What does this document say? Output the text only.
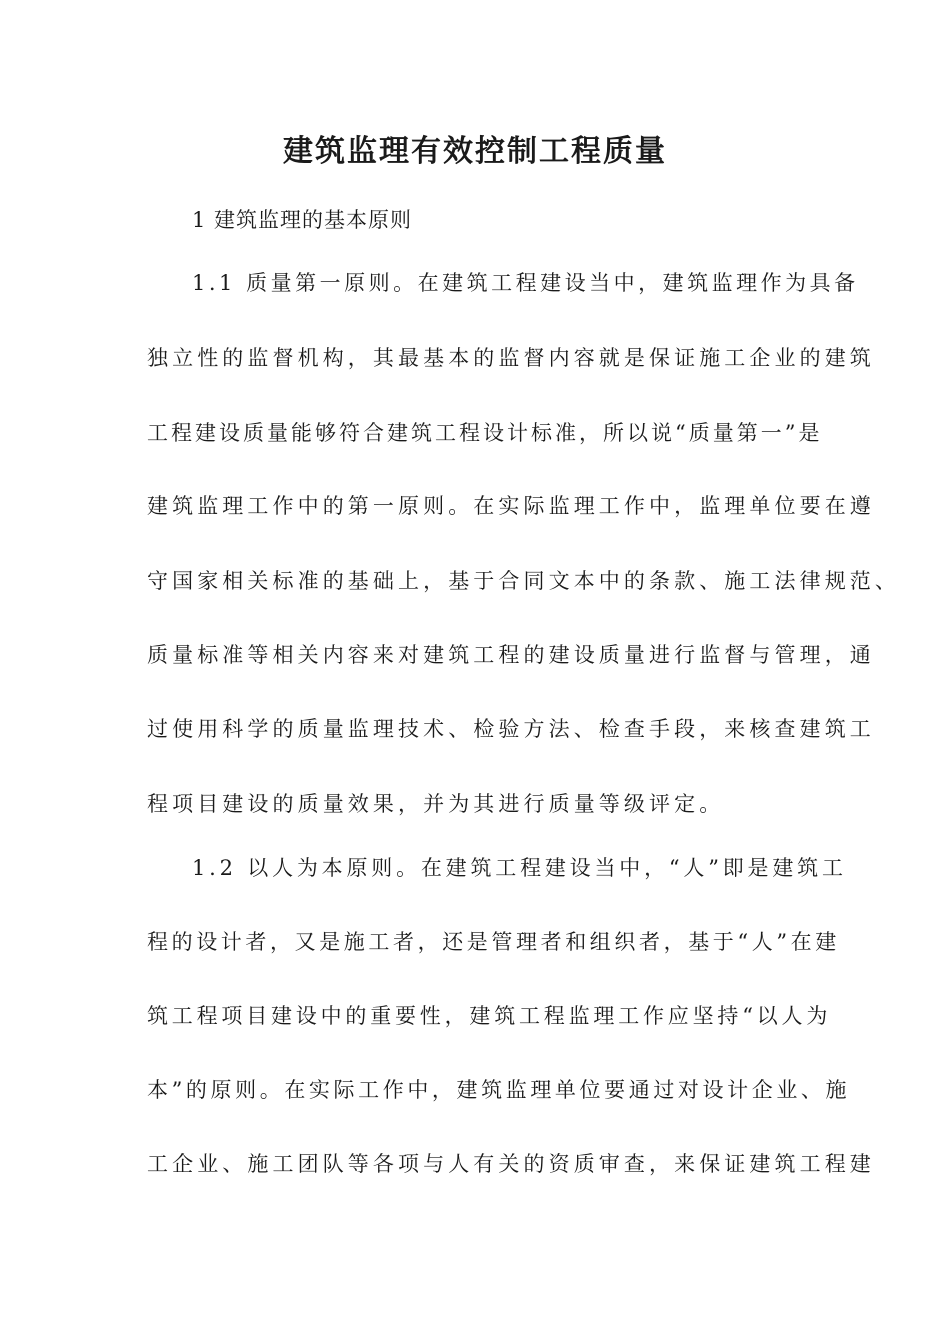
建筑监理有效控制工程质量

1 建筑监理的基本原则

1.1 质量第一原则。在建筑工程建设当中，建筑监理作为具备

独立性的监督机构，其最基本的监督内容就是保证施工企业的建筑

工程建设质量能够符合建筑工程设计标准，所以说“质量第一”是

建筑监理工作中的第一原则。在实际监理工作中，监理单位要在遵

守国家相关标准的基础上，基于合同文本中的条款、施工法律规范、

质量标准等相关内容来对建筑工程的建设质量进行监督与管理，通

过使用科学的质量监理技术、检验方法、检查手段，来核查建筑工

程项目建设的质量效果，并为其进行质量等级评定。

1.2 以人为本原则。在建筑工程建设当中，“人”即是建筑工

程的设计者，又是施工者，还是管理者和组织者，基于“人”在建

筑工程项目建设中的重要性，建筑工程监理工作应坚持“以人为

本”的原则。在实际工作中，建筑监理单位要通过对设计企业、施

工企业、施工团队等各项与人有关的资质审查，来保证建筑工程建
